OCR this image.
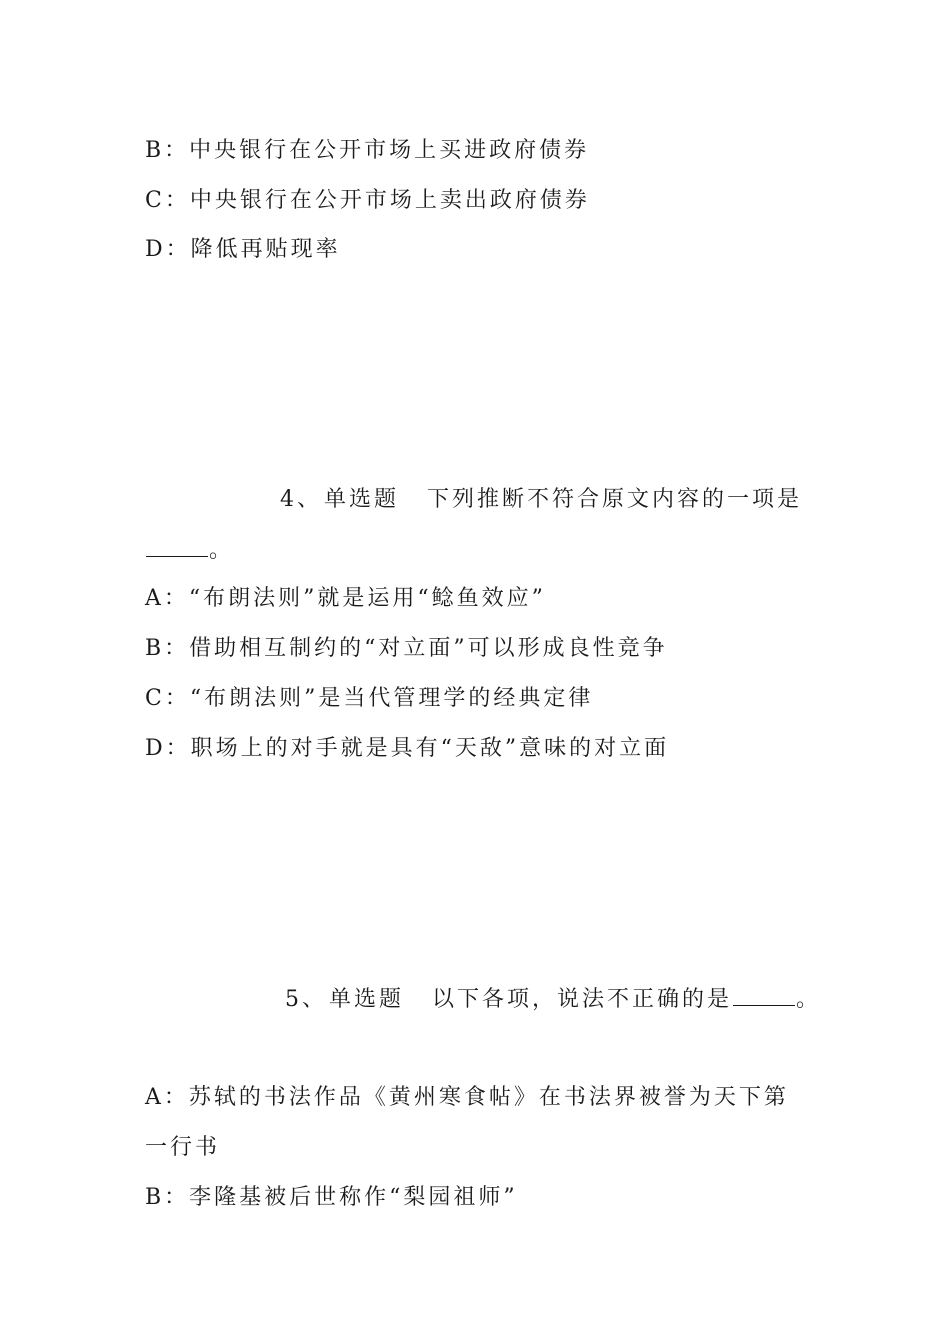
B：中央银行在公开市场上买进政府债券
C：中央银行在公开市场上卖出政府债券
D：降低再贴现率
4、单选题 下列推断不符合原文内容的一项是
。
A：“布朗法则”就是运用“鲶鱼效应”
B：借助相互制约的“对立面”可以形成良性竞争
C：“布朗法则”是当代管理学的经典定律
D：职场上的对手就是具有“天敌”意味的对立面
5、单选题 以下各项，说法不正确的是	。
A：苏轼的书法作品《黄州寒食帖》在书法界被誉为天下第
一行书
B：李隆基被后世称作“梨园祖师”
